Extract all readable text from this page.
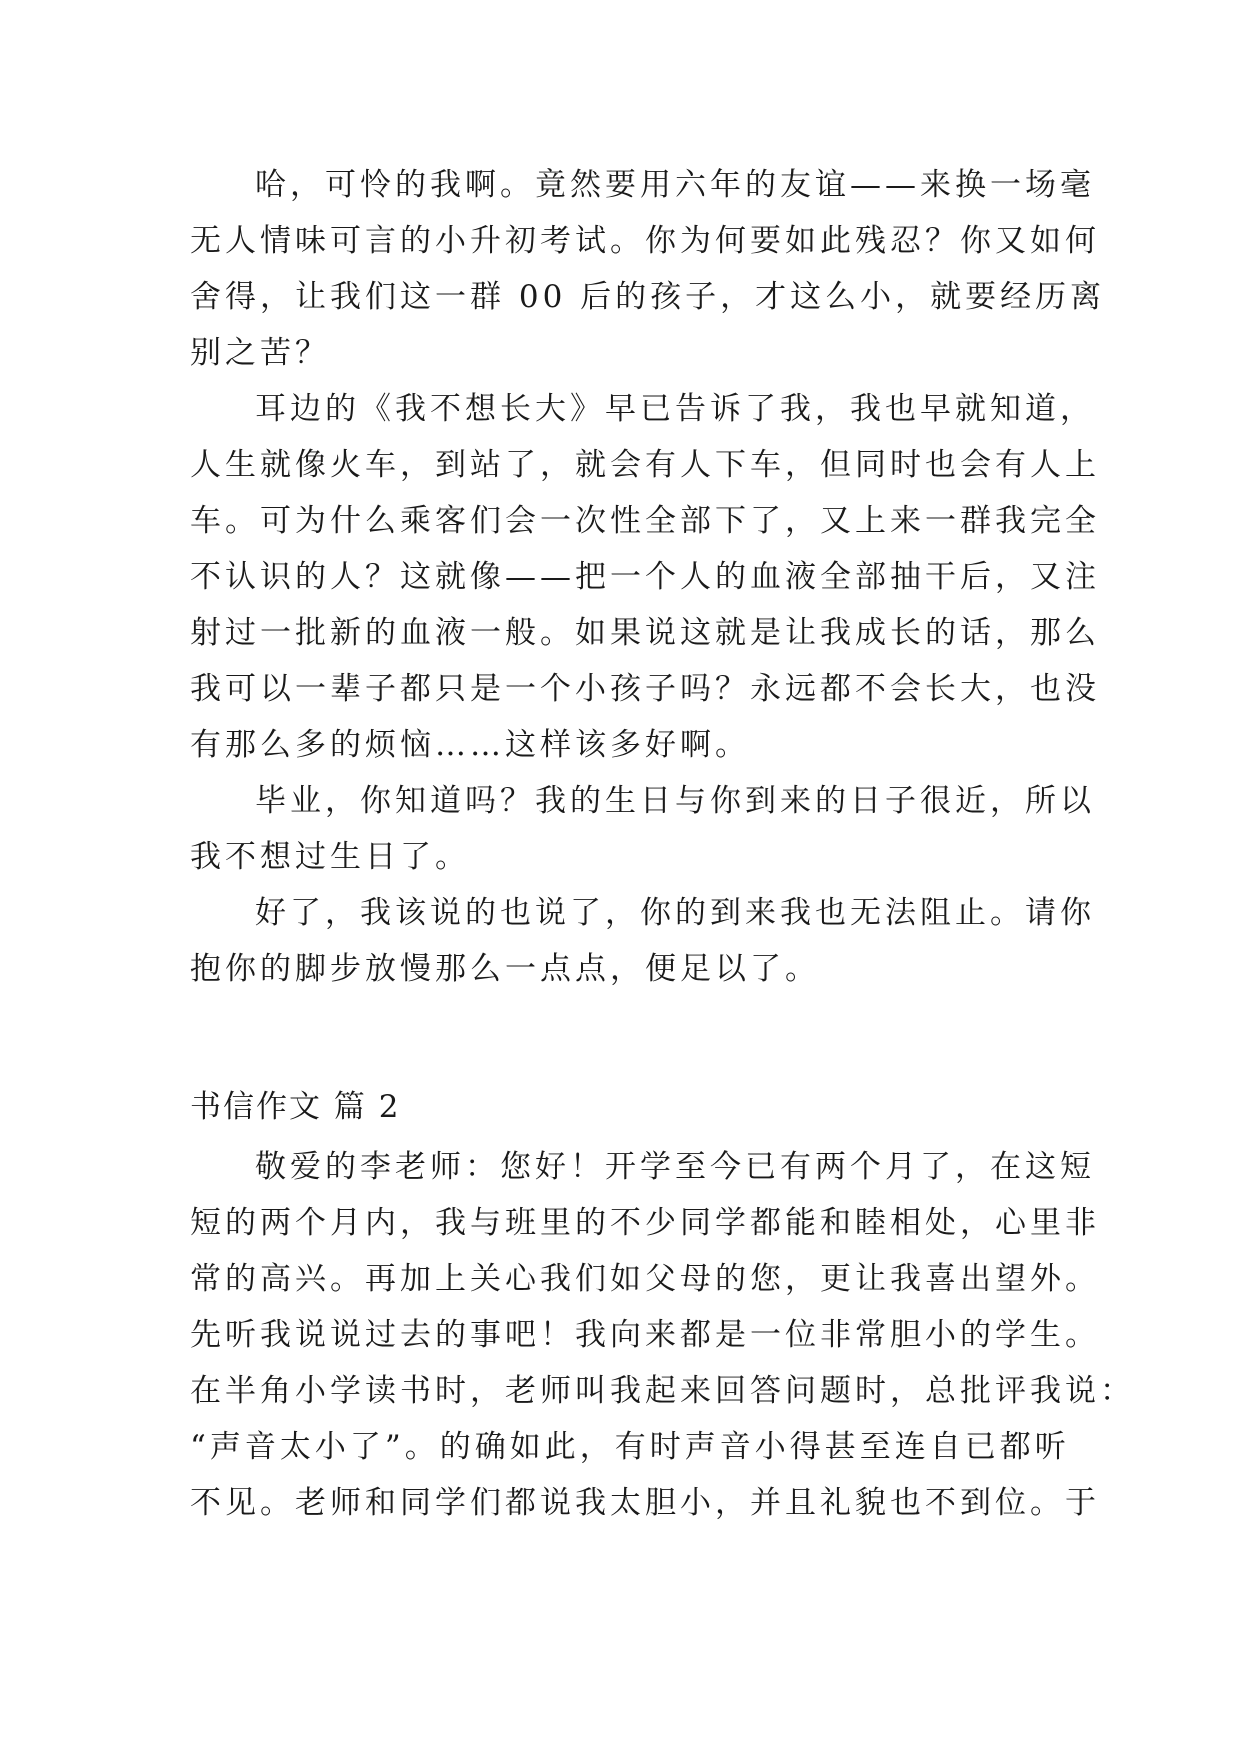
哈，可怜的我啊。竟然要用六年的友谊——来换一场毫
无人情味可言的小升初考试。你为何要如此残忍？你又如何
舍得，让我们这一群 00 后的孩子，才这么小，就要经历离
别之苦？
耳边的《我不想长大》早已告诉了我，我也早就知道，
人生就像火车，到站了，就会有人下车，但同时也会有人上
车。可为什么乘客们会一次性全部下了，又上来一群我完全
不认识的人？这就像——把一个人的血液全部抽干后，又注
射过一批新的血液一般。如果说这就是让我成长的话，那么
我可以一辈子都只是一个小孩子吗？永远都不会长大，也没
有那么多的烦恼……这样该多好啊。
毕业，你知道吗？我的生日与你到来的日子很近，所以
我不想过生日了。
好了，我该说的也说了，你的到来我也无法阻止。请你
抱你的脚步放慢那么一点点，便足以了。
书信作文 篇 2
敬爱的李老师：您好！开学至今已有两个月了，在这短
短的两个月内，我与班里的不少同学都能和睦相处，心里非
常的高兴。再加上关心我们如父母的您，更让我喜出望外。
先听我说说过去的事吧！我向来都是一位非常胆小的学生。
在半角小学读书时，老师叫我起来回答问题时，总批评我说：
“声音太小了”。的确如此，有时声音小得甚至连自已都听
不见。老师和同学们都说我太胆小，并且礼貌也不到位。于
